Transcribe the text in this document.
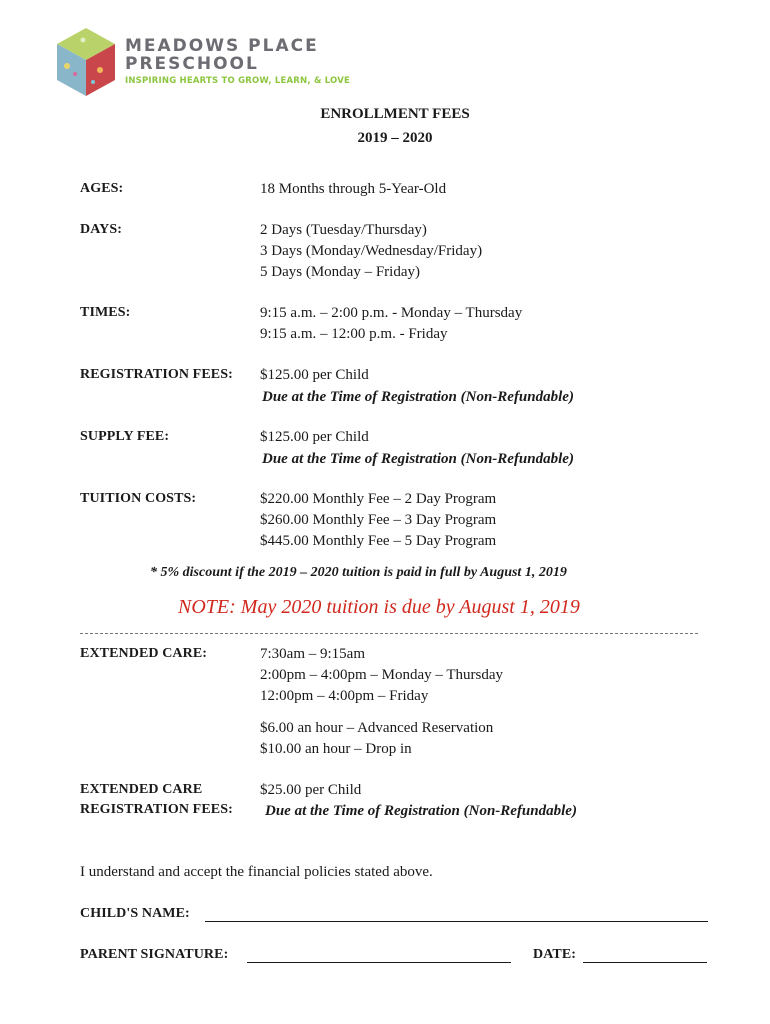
MEADOWS PLACE
PRESCHOOL
INSPIRING HEARTS TO GROW, LEARN, & LOVE
ENROLLMENT FEES
2019 – 2020
AGES:	18 Months through 5-Year-Old
DAYS:	2 Days (Tuesday/Thursday)
3 Days (Monday/Wednesday/Friday)
5 Days (Monday – Friday)
TIMES:	9:15 a.m. – 2:00 p.m. - Monday – Thursday
9:15 a.m. – 12:00 p.m. - Friday
REGISTRATION FEES: $125.00 per Child
Due at the Time of Registration (Non-Refundable)
SUPPLY FEE:	$125.00 per Child
Due at the Time of Registration (Non-Refundable)
TUITION COSTS:	$220.00 Monthly Fee – 2 Day Program
$260.00 Monthly Fee – 3 Day Program
$445.00 Monthly Fee – 5 Day Program
* 5% discount if the 2019 – 2020 tuition is paid in full by August 1, 2019
NOTE: May 2020 tuition is due by August 1, 2019
EXTENDED CARE:	7:30am – 9:15am
2:00pm – 4:00pm – Monday – Thursday
12:00pm – 4:00pm – Friday
$6.00 an hour – Advanced Reservation
$10.00 an hour – Drop in
EXTENDED CARE
REGISTRATION FEES:
$25.00 per Child
Due at the Time of Registration (Non-Refundable)
I understand and accept the financial policies stated above.
CHILD'S NAME:
PARENT SIGNATURE:	DATE:
